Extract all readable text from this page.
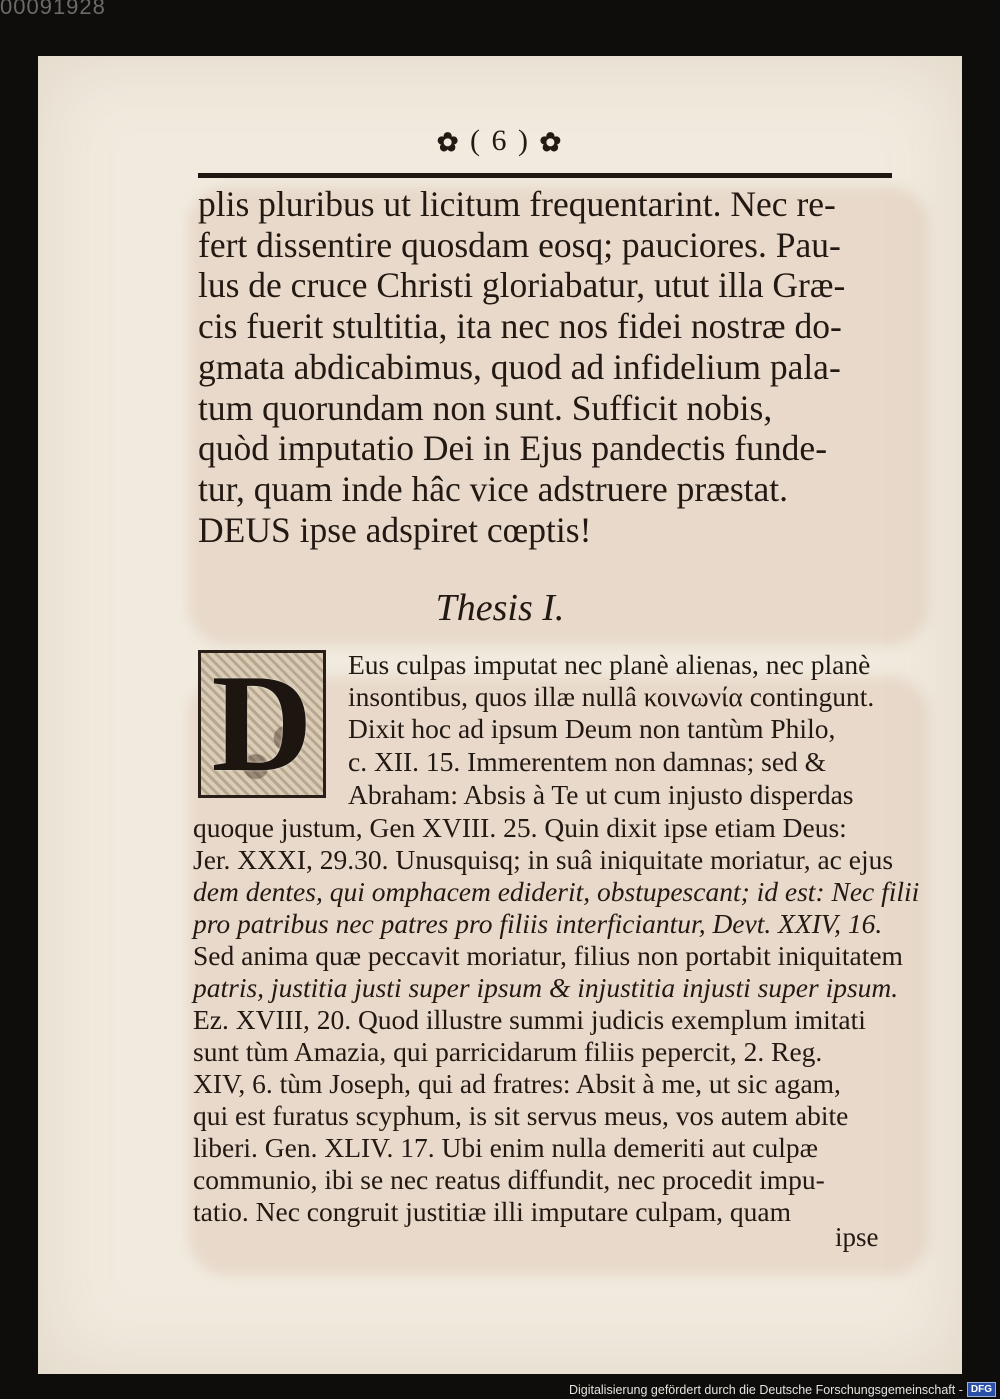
00091928
✿ ( 6 ) ✿
plis pluribus ut licitum frequentarint. Nec re-
fert dissentire quosdam eosq; pauciores. Pau-
lus de cruce Christi gloriabatur, utut illa Græ-
cis fuerit stultitia, ita nec nos fidei nostræ do-
gmata abdicabimus, quod ad infidelium pala-
tum quorundam non sunt. Sufficit nobis,
quòd imputatio Dei in Ejus pandectis funde-
tur, quam inde hâc vice adstruere præstat.
DEUS ipse adspiret cœptis!
Thesis I.
D Eus culpas imputat nec planè alienas, nec planè
insontibus, quos illæ nullâ κοινωνία contingunt.
Dixit hoc ad ipsum Deum non tantùm Philo,
c. XII. 15. Immerentem non damnas; sed &
Abraham: Absis à Te ut cum injusto disperdas
quoque justum, Gen XVIII. 25. Quin dixit ipse etiam Deus:
Jer. XXXI, 29.30. Unusquisq; in suâ iniquitate moriatur, ac ejus
dem dentes, qui omphacem ediderit, obstupescant; id est: Nec filii
pro patribus nec patres pro filiis interficiantur, Devt. XXIV, 16.
Sed anima quæ peccavit moriatur, filius non portabit iniquitatem
patris, justitia justi super ipsum & injustitia injusti super ipsum.
Ez. XVIII, 20. Quod illustre summi judicis exemplum imitati
sunt tùm Amazia, qui parricidarum filiis pepercit, 2. Reg.
XIV, 6. tùm Joseph, qui ad fratres: Absit à me, ut sic agam,
qui est furatus scyphum, is sit servus meus, vos autem abite
liberi. Gen. XLIV. 17. Ubi enim nulla demeriti aut culpæ
communio, ibi se nec reatus diffundit, nec procedit impu-
tatio. Nec congruit justitiæ illi imputare culpam, quam
ipse
Digitalisierung gefördert durch die Deutsche Forschungsgemeinschaft - DFG
